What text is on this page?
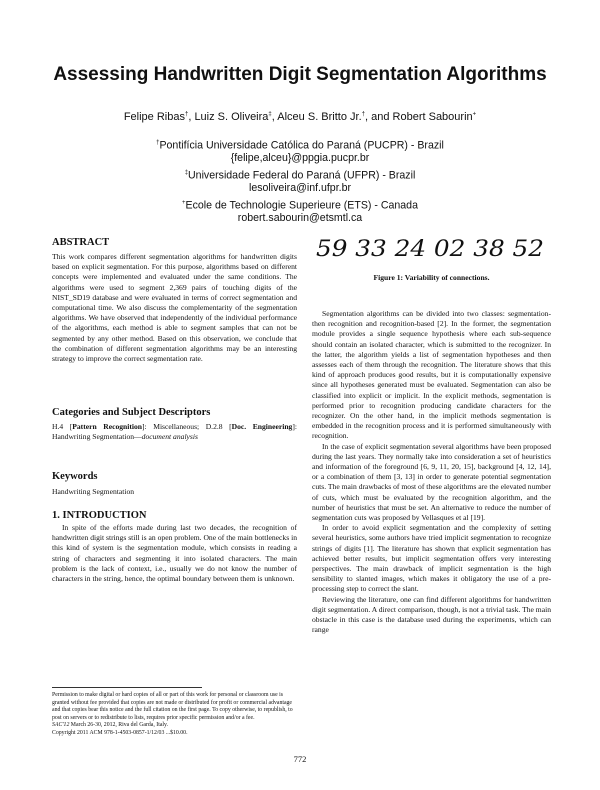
Assessing Handwritten Digit Segmentation Algorithms
Felipe Ribas†, Luiz S. Oliveira‡, Alceu S. Britto Jr.†, and Robert Sabourin+
†Pontifícia Universidade Católica do Paraná (PUCPR) - Brazil
{felipe,alceu}@ppgia.pucpr.br
‡Universidade Federal do Paraná (UFPR) - Brazil
lesoliveira@inf.ufpr.br
+Ecole de Technologie Superieure (ETS) - Canada
robert.sabourin@etsmtl.ca
ABSTRACT

This work compares different segmentation algorithms for handwritten digits based on explicit segmentation. For this purpose, algorithms based on different concepts were implemented and evaluated under the same conditions. The algorithms were used to segment 2,369 pairs of touching digits of the NIST_SD19 database and were evaluated in terms of correct segmentation and computational time. We also discuss the complementarity of the segmentation algorithms. We have observed that independently of the individual performance of the algorithms, each method is able to segment samples that can not be segmented by any other method. Based on this observation, we conclude that the combination of different segmentation algorithms may be an interesting strategy to improve the correct segmentation rate.

Categories and Subject Descriptors

H.4 [Pattern Recognition]: Miscellaneous; D.2.8 [Doc. Engineering]: Handwriting Segmentation—document analysis

Keywords

Handwriting Segmentation

1. INTRODUCTION

In spite of the efforts made during last two decades, the recognition of handwritten digit strings still is an open problem. One of the main bottlenecks in this kind of system is the segmentation module, which consists in reading a string of characters and segmenting it into isolated characters. The main problem is the lack of context, i.e., usually we do not know the number of characters in the string, hence, the optimal boundary between them is unknown.

Permission to make digital or hard copies of all or part of this work for personal or classroom use is granted without fee provided that copies are not made or distributed for profit or commercial advantage and that copies bear this notice and the full citation on the first page. To copy otherwise, to republish, to post on servers or to redistribute to lists, requires prior specific permission and/or a fee.
SAC'12 March 26-30, 2012, Riva del Garda, Italy.
Copyright 2011 ACM 978-1-4503-0857-1/12/03 ...$10.00.
59 33 24 02 38 52
Figure 1: Variability of connections.

Segmentation algorithms can be divided into two classes: segmentation-then recognition and recognition-based [2]. In the former, the segmentation module provides a single sequence hypothesis where each sub-sequence should contain an isolated character, which is submitted to the recognizer. In the latter, the algorithm yields a list of segmentation hypotheses and then assesses each of them through the recognition. The literature shows that this kind of approach produces good results, but it is computationally expensive since all hypotheses generated must be evaluated. Segmentation can also be classified into explicit or implicit. In the explicit methods, segmentation is performed prior to recognition producing candidate characters for the recognizer. On the other hand, in the implicit methods segmentation is embedded in the recognition process and it is performed simultaneously with recognition.

In the case of explicit segmentation several algorithms have been proposed during the last years. They normally take into consideration a set of heuristics and information of the foreground [6, 9, 11, 20, 15], background [4, 12, 14], or a combination of them [3, 13] in order to generate potential segmentation cuts. The main drawbacks of most of these algorithms are the elevated number of cuts, which must be evaluated by the recognition algorithm, and the number of heuristics that must be set. An alternative to reduce the number of segmentation cuts was proposed by Vellasques et al [19].

In order to avoid explicit segmentation and the complexity of setting several heuristics, some authors have tried implicit segmentation to recognize strings of digits [1]. The literature has shown that explicit segmentation has achieved better results, but implicit segmentation offers very interesting perspectives. The main drawback of implicit segmentation is the high sensibility to slanted images, which makes it obligatory the use of a pre-processing step to correct the slant.

Reviewing the literature, one can find different algorithms for handwritten digit segmentation. A direct comparison, though, is not a trivial task. The main obstacle in this case is the database used during the experiments, which can range

772
